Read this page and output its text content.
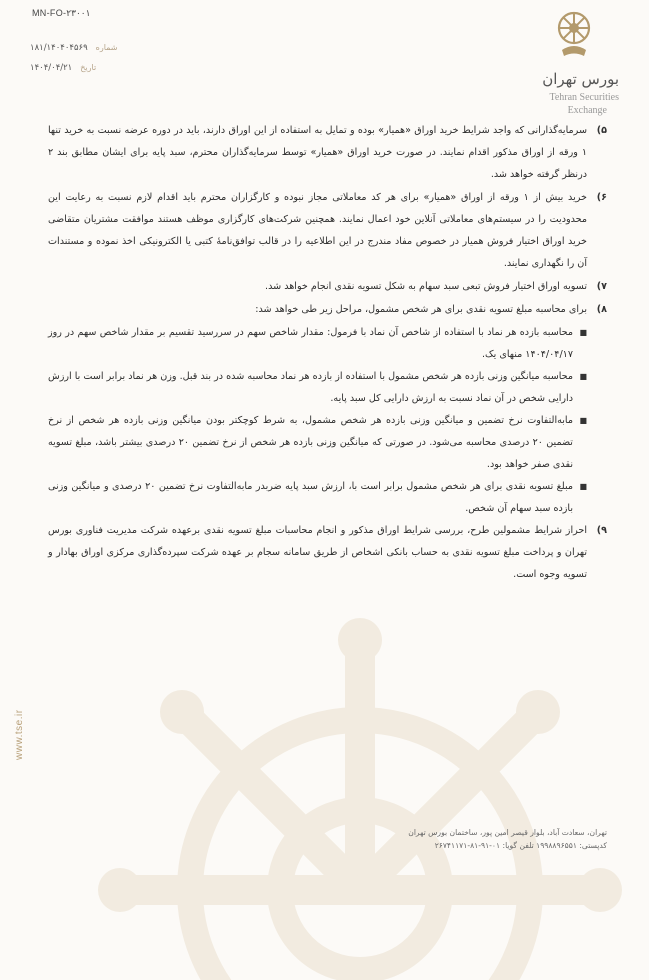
MN-FO-۲۳۰۰۱
شماره
۱۸۱/۱۴۰۴۰۴۵۶۹
تاریخ
۱۴۰۴/۰۴/۲۱
بورس تهران
Tehran Securities
Exchange
۵)
سرمایه‌گذارانی که واجد شرایط خرید اوراق «همیار» بوده و تمایل به استفاده از این اوراق دارند، باید در دوره عرضه نسبت به خرید تنها ۱ ورقه از اوراق مذکور اقدام نمایند. در صورت خرید اوراق «همیار» توسط سرمایه‌گذاران محترم، سبد پایه برای ایشان مطابق بند ۲ درنظر گرفته خواهد شد.
۶)
خرید بیش از ۱ ورقه از اوراق «همیار» برای هر کد معاملاتی مجاز نبوده و کارگزاران محترم باید اقدام لازم نسبت به رعایت این محدودیت را در سیستم‌های معاملاتی آنلاین خود اعمال نمایند. همچنین شرکت‌های کارگزاری موظف هستند موافقت مشتریان متقاضی خرید اوراق اختیار فروش همیار در خصوص مفاد مندرج در این اطلاعیه را در قالب توافق‌نامهٔ کتبی یا الکترونیکی اخذ نموده و مستندات آن را نگهداری نمایند.
۷)
تسویه اوراق اختیار فروش تبعی سبد سهام به شکل تسویه نقدی انجام خواهد شد.
۸)
برای محاسبه مبلغ تسویه نقدی برای هر شخص مشمول، مراحل زیر طی خواهد شد:
■
محاسبه بازده هر نماد با استفاده از شاخص آن نماد با فرمول: مقدار شاخص سهم در سررسید تقسیم بر مقدار شاخص سهم در روز ۱۴۰۴/۰۴/۱۷ منهای یک.
■
محاسبه میانگین وزنی بازده هر شخص مشمول با استفاده از بازده هر نماد محاسبه شده در بند قبل. وزن هر نماد برابر است با ارزش دارایی شخص در آن نماد نسبت به ارزش دارایی کل سبد پایه.
■
مابه‌التفاوت نرخ تضمین و میانگین وزنی بازده هر شخص مشمول، به شرط کوچکتر بودن میانگین وزنی بازده هر شخص از نرخ تضمین ۲۰ درصدی محاسبه می‌شود. در صورتی که میانگین وزنی بازده هر شخص از نرخ تضمین ۲۰ درصدی بیشتر باشد، مبلغ تسویه نقدی صفر خواهد بود.
■
مبلغ تسویه نقدی برای هر شخص مشمول برابر است با، ارزش سبد پایه ضربدر مابه‌التفاوت نرخ تضمین ۲۰ درصدی و میانگین وزنی بازده سبد سهام آن شخص.
۹)
احراز شرایط مشمولین طرح، بررسی شرایط اوراق مذکور و انجام محاسبات مبلغ تسویه نقدی برعهده شرکت مدیریت فناوری بورس تهران و پرداخت مبلغ تسویه نقدی به حساب بانکی اشخاص از طریق سامانه سجام بر عهده شرکت سپرده‌گذاری مرکزی اوراق بهادار و تسویه وجوه است.
www.tse.ir
تهران، سعادت آباد، بلوار قیصر امین پور، ساختمان بورس تهران
کدپستی: ۱۹۹۸۸۹۶۵۵۱ تلفن گویا: ۰۱-۹۱-۸۱-۲۶۷۴۱۱۷۱
